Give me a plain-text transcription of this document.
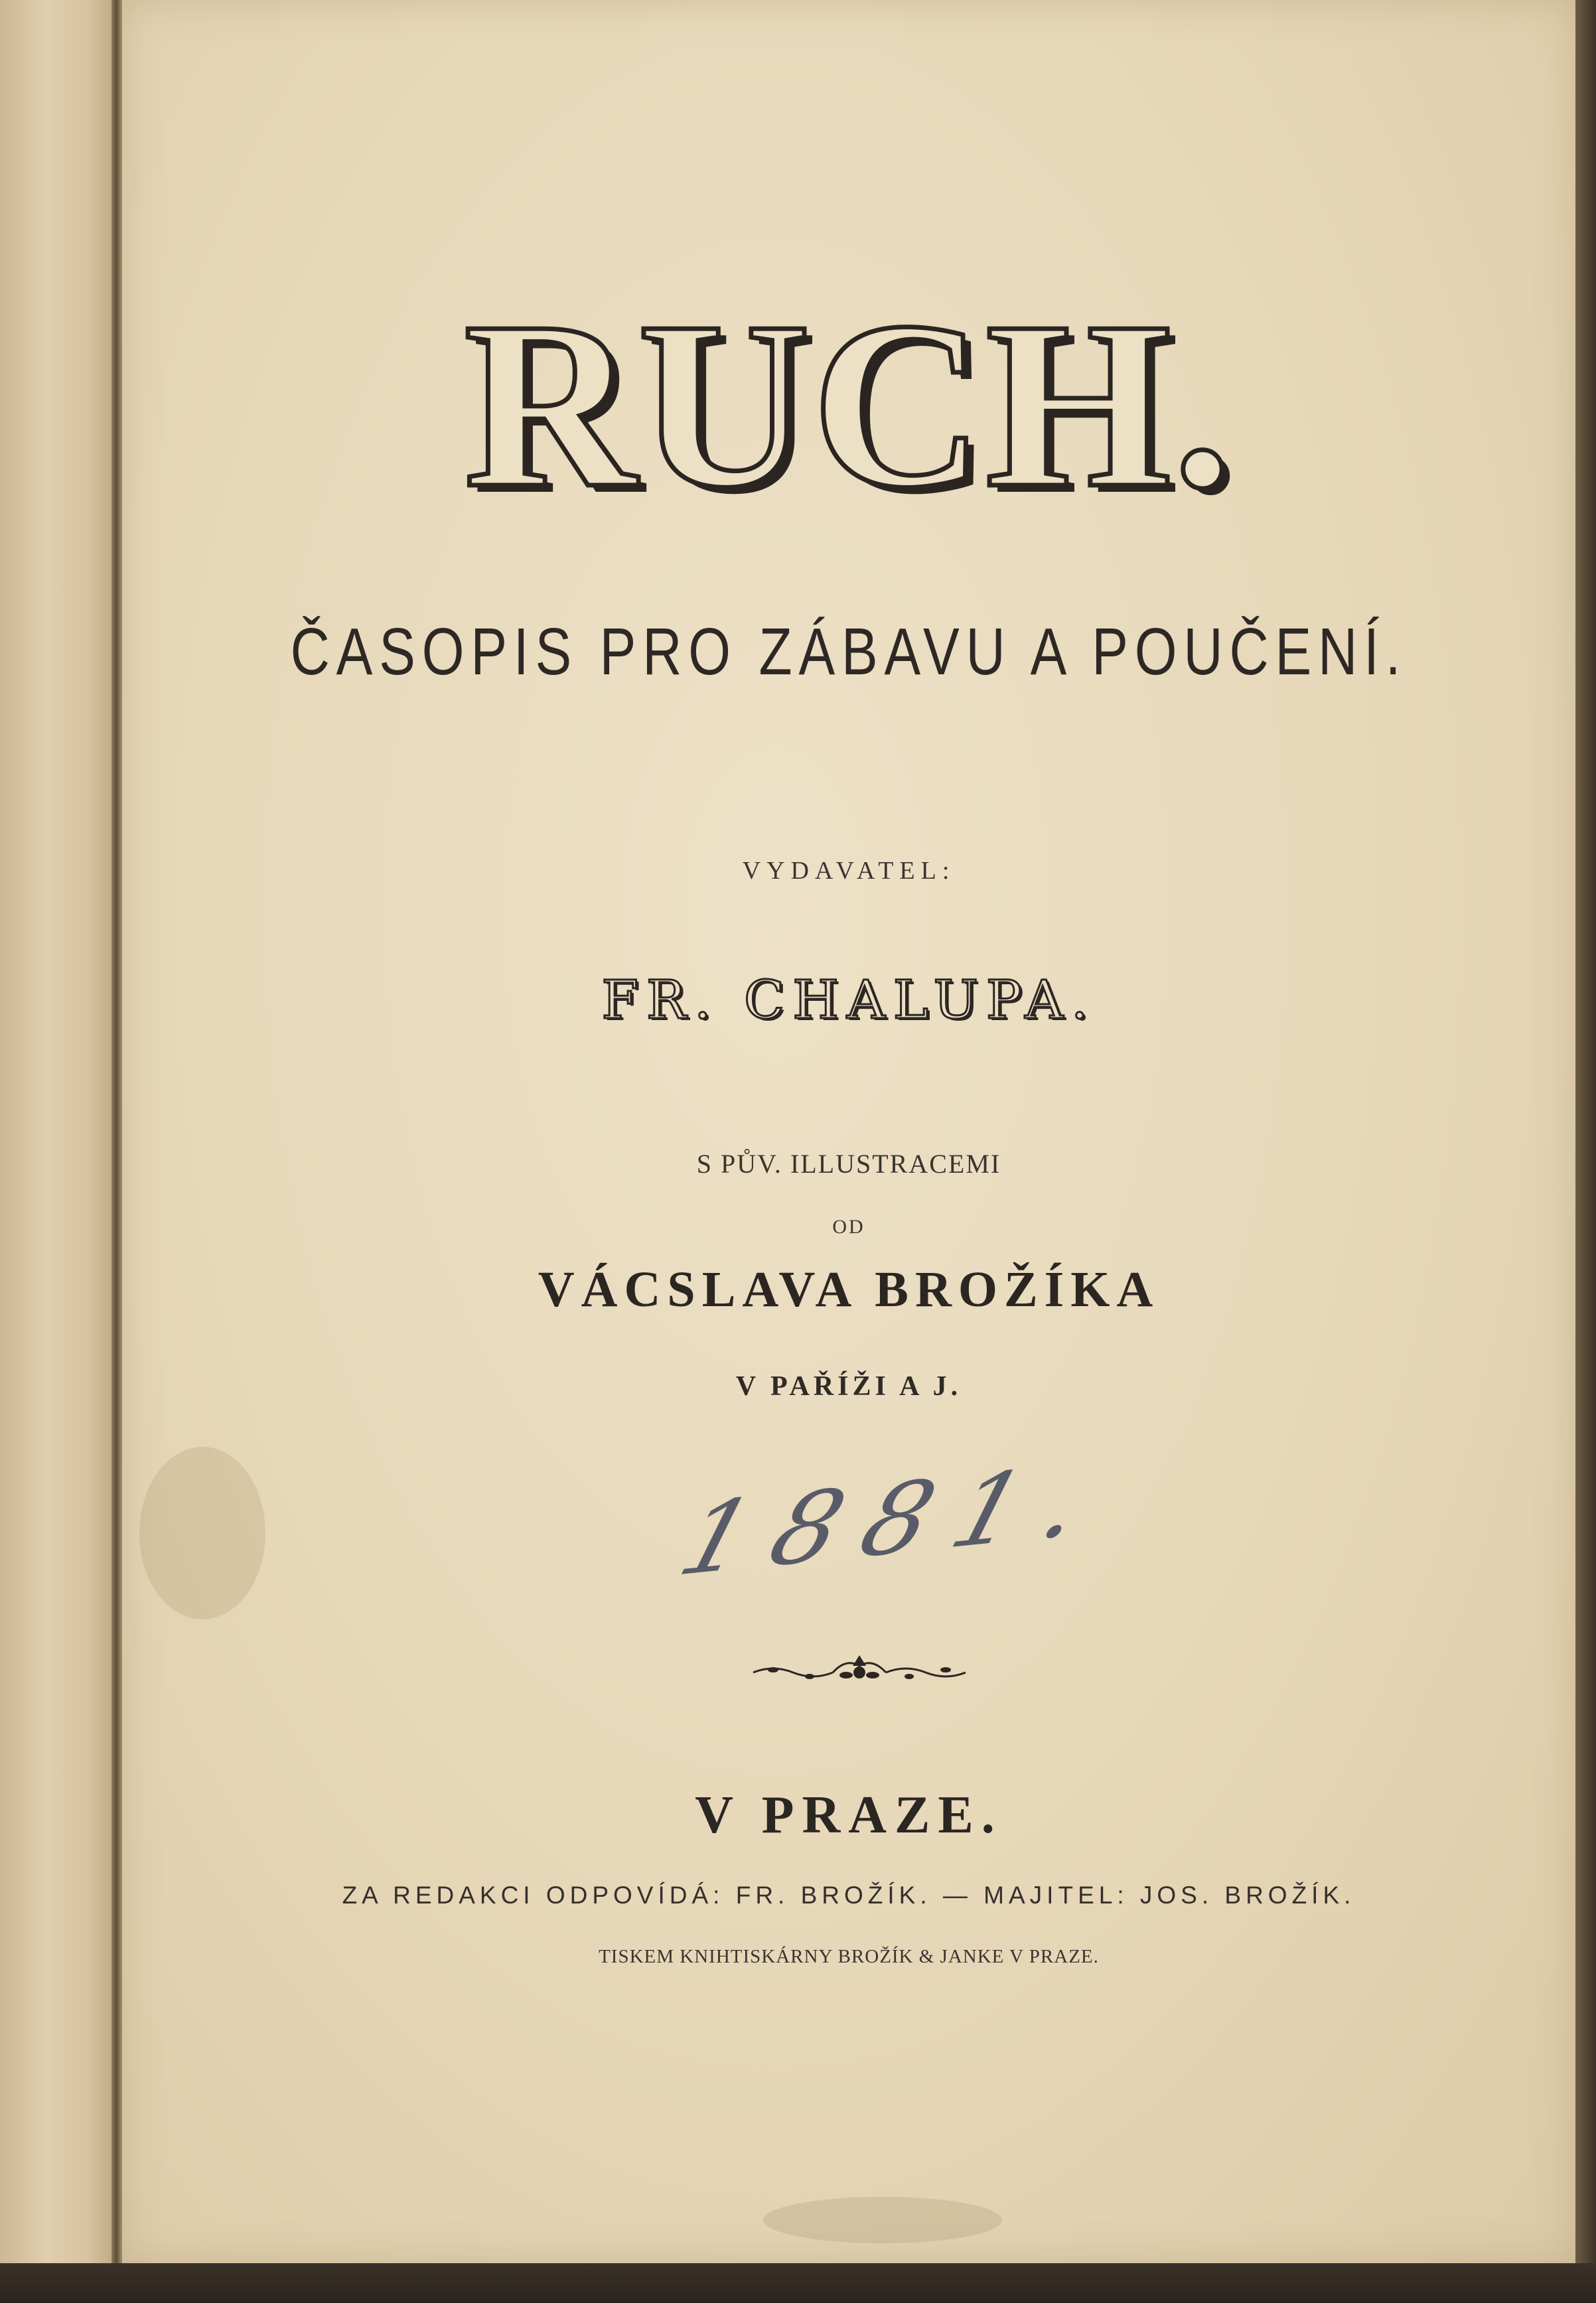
RUCH.
ČASOPIS PRO ZÁBAVU A POUČENÍ.
VYDAVATEL:
FR. CHALUPA.
S PŮV. ILLUSTRACEMI
OD
VÁCSLAVA BROŽÍKA
V PAŘÍŽI A J.
1881.
V PRAZE.
ZA REDAKCI ODPOVÍDÁ: FR. BROŽÍK. — MAJITEL: JOS. BROŽÍK.
TISKEM KNIHTISKÁRNY BROŽÍK & JANKE V PRAZE.
